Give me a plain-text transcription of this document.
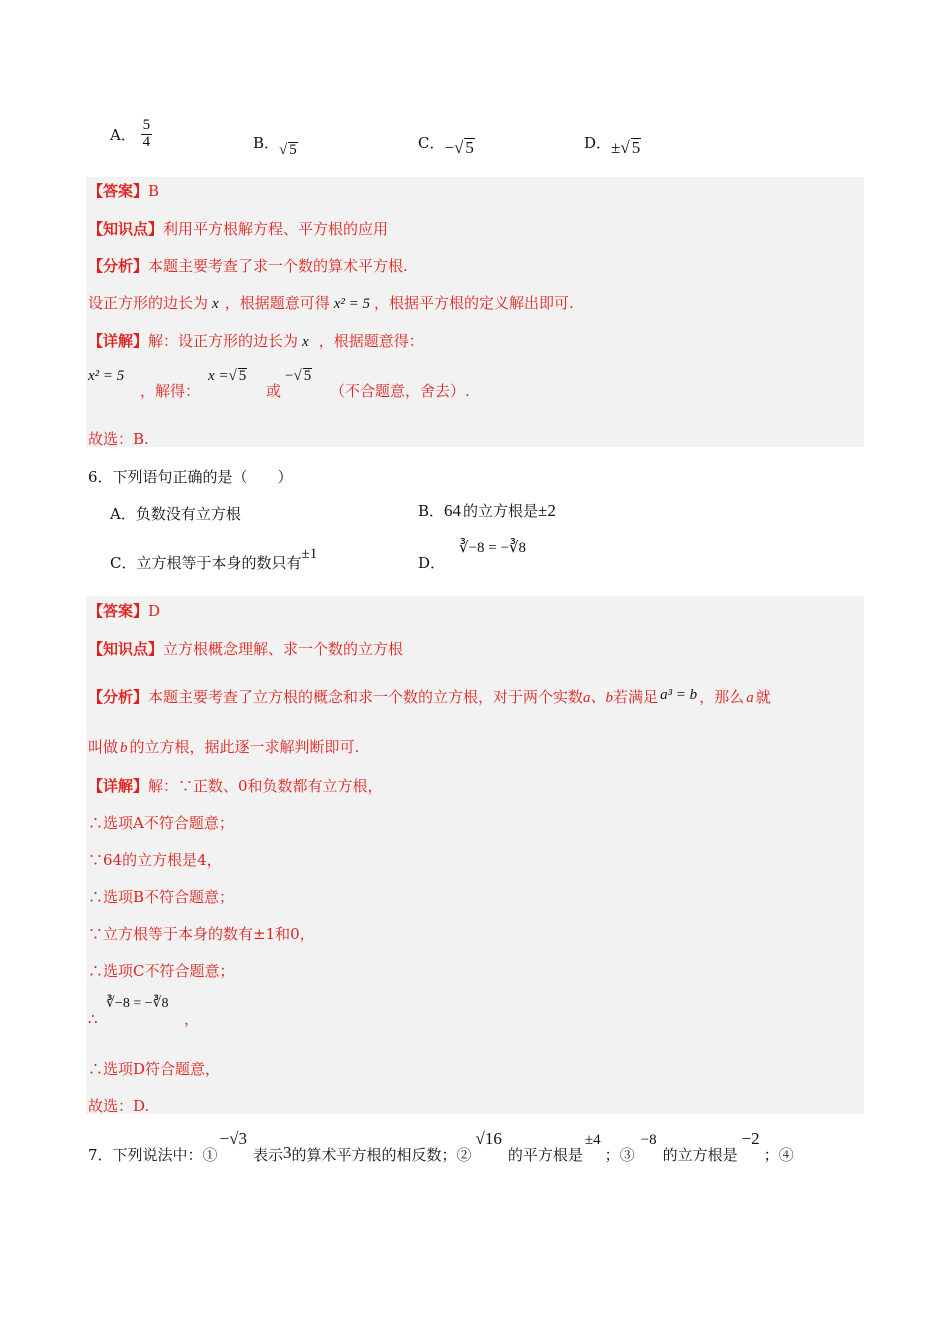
A． $\frac{5}{4}$	B．√ 5	C．−√ 5	D．±√ 5
【答案】B
【知识点】利用平方根解方程、平方根的应用
【分析】本题主要考查了求一个数的算术平方根.
设正方形的边长为 x ，根据题意可得 x² = 5 ，根据平方根的定义解出即可.
【详解】解：设正方形的边长为 x ，根据题意得：
x² = 5
，解得：
x =√ 5
或
−√ 5
（不合题意，舍去）.
故选：B.
6．下列语句正确的是（　　）
A．负数没有立方根	B．64 的立方根是±2
C．立方根等于本身的数只有±1	D．∛−8 = −∛8
【答案】D
【知识点】立方根概念理解、求一个数的立方根
【分析】本题主要考查了立方根的概念和求一个数的立方根，对于两个实数a、b若满足 a³ = b ，那么 a 就
叫做 b 的立方根，据此逐一求解判断即可.
【详解】解：∵正数、0和负数都有立方根，
∴选项A不符合题意；
∵64的立方根是4，
∴选项B不符合题意；
∵立方根等于本身的数有±1和0，
∴选项C不符合题意；
∛−8 = −∛8
∴	，
∴选项D符合题意，
故选：D.
7．下列说法中：①−√3表示3的算术平方根的相反数；②√16的平方根是±4；③−8的立方根是−2；④
